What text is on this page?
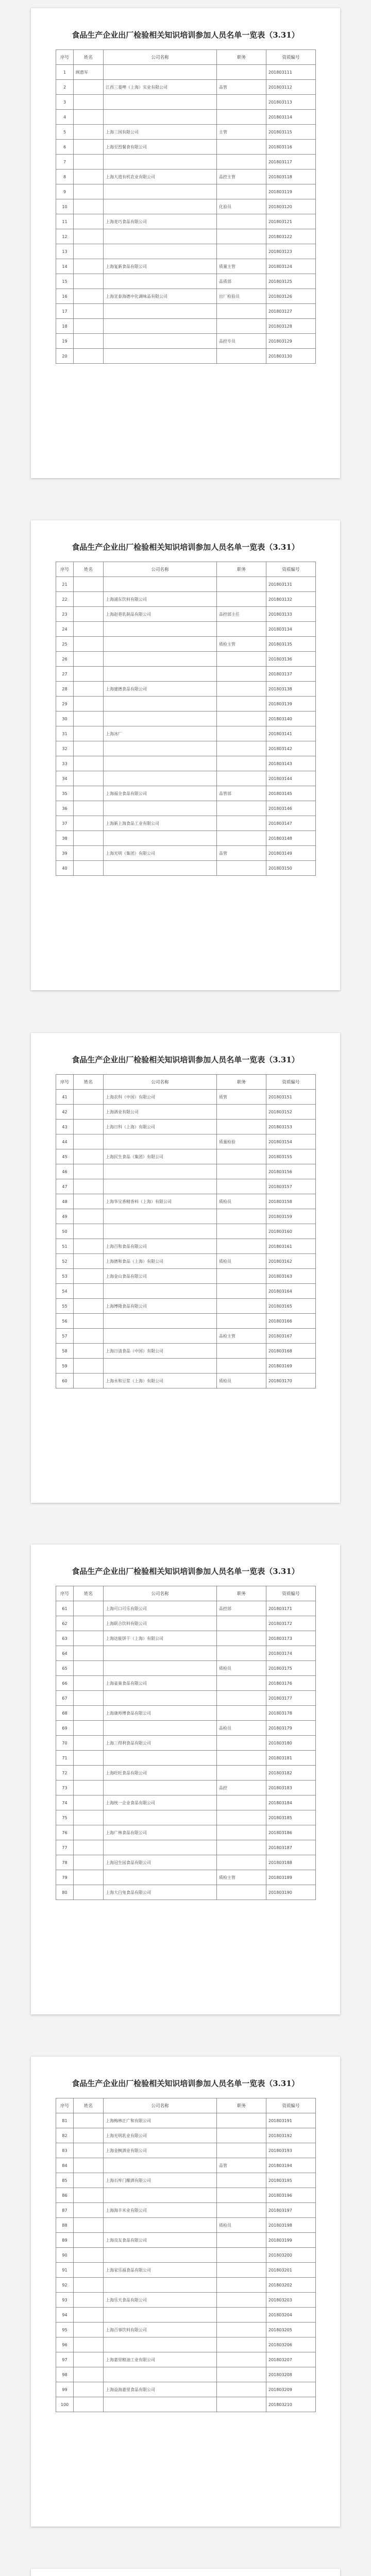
食品生产企业出厂检验相关知识培训参加人员名单一览表（3.31）
序号	姓名	公司名称	职务	资质编号
1	顾惠军			201803111
2		江西三菱啤（上海）实业有限公司	品管	201803112
3				201803113
4				201803114
5		上海三国有限公司	主管	201803115
6		上海至烈餐食有限公司		201803116
7				201803117
8		上海大道有机农业有限公司	品控主管	201803118
9				201803119
10			化验员	201803120
11		上海麦巧食品有限公司		201803121
12				201803122
13				201803123
14		上海复新食品有限公司	质量主管	201803124
15			品质部	201803125
16		上海宣泰海德中化调味品有限公司	出厂检验员	201803126
17				201803127
18				201803128
19			品控专员	201803129
20				201803130
食品生产企业出厂检验相关知识培训参加人员名单一览表（3.31）
序号	姓名	公司名称	职务	资质编号
21				201803131
22		上海浦东饮料有限公司		201803132
23		上海赵巷乳制品有限公司	品控部主任	201803133
24				201803134
25			质检主管	201803135
26				201803136
27				201803137
28		上海建德食品有限公司		201803138
29				201803139
30				201803140
31		上海冰厂		201803141
32				201803142
33				201803143
34				201803144
35		上海福全食品有限公司	品管部	201803145
36				201803146
37		上海新上海食品工业有限公司		201803147
38				201803148
39		上海光明（集团）有限公司	品管	201803149
40				201803150
食品生产企业出厂检验相关知识培训参加人员名单一览表（3.31）
序号	姓名	公司名称	职务	资质编号
41		上海农科（中国）有限公司	质管	201803151
42		上海酒业有限公司		201803152
43		上海日科（上海）有限公司		201803153
44			质量检验	201803154
45		上海民生食品（集团）有限公司		201803155
46				201803156
47				201803157
48		上海华宝香精香料（上海）有限公司	质检员	201803158
49				201803159
50				201803160
51		上海百和食品有限公司		201803161
52		上海德和食品（上海）有限公司	质检员	201803162
53		上海金山食品有限公司		201803163
54				201803164
55		上海博隆食品有限公司		201803165
56				201803166
57			品检主管	201803167
58		上海日清食品（中国）有限公司		201803168
59				201803169
60		上海永和豆浆（上海）有限公司	质检员	201803170
食品生产企业出厂检验相关知识培训参加人员名单一览表（3.31）
序号	姓名	公司名称	职务	资质编号
61		上海可口可乐有限公司	品控部	201803171
62		上海联合饮料有限公司		201803172
63		上海达能饼干（上海）有限公司		201803173
64				201803174
65			质检员	201803175
66		上海雀巢食品有限公司		201803176
67				201803177
68		上海康师傅食品有限公司		201803178
69			品检员	201803179
70		上海三得利食品有限公司		201803180
71				201803181
72		上海旺旺食品有限公司		201803182
73			品控	201803183
74		上海统一企业食品有限公司		201803184
75				201803185
76		上海广林食品有限公司		201803186
77				201803187
78		上海冠生园食品有限公司		201803188
79			质检主管	201803189
80		上海大白兔食品有限公司		201803190
食品生产企业出厂检验相关知识培训参加人员名单一览表（3.31）
序号	姓名	公司名称	职务	资质编号
81		上海梅林正广和有限公司		201803191
82		上海光明乳业有限公司		201803192
83		上海金枫酒业有限公司		201803193
84			品管	201803194
85		上海石库门酿酒有限公司		201803195
86				201803196
87		上海海丰米业有限公司		201803197
88			质检员	201803198
89		上海良友食品有限公司		201803199
90				201803200
91		上海家乐福食品有限公司		201803201
92				201803202
93		上海乐天食品有限公司		201803203
94				201803204
95		上海百事饮料有限公司		201803205
96				201803206
97		上海嘉里粮油工业有限公司		201803207
98				201803208
99		上海益海嘉里食品有限公司		201803209
100				201803210
